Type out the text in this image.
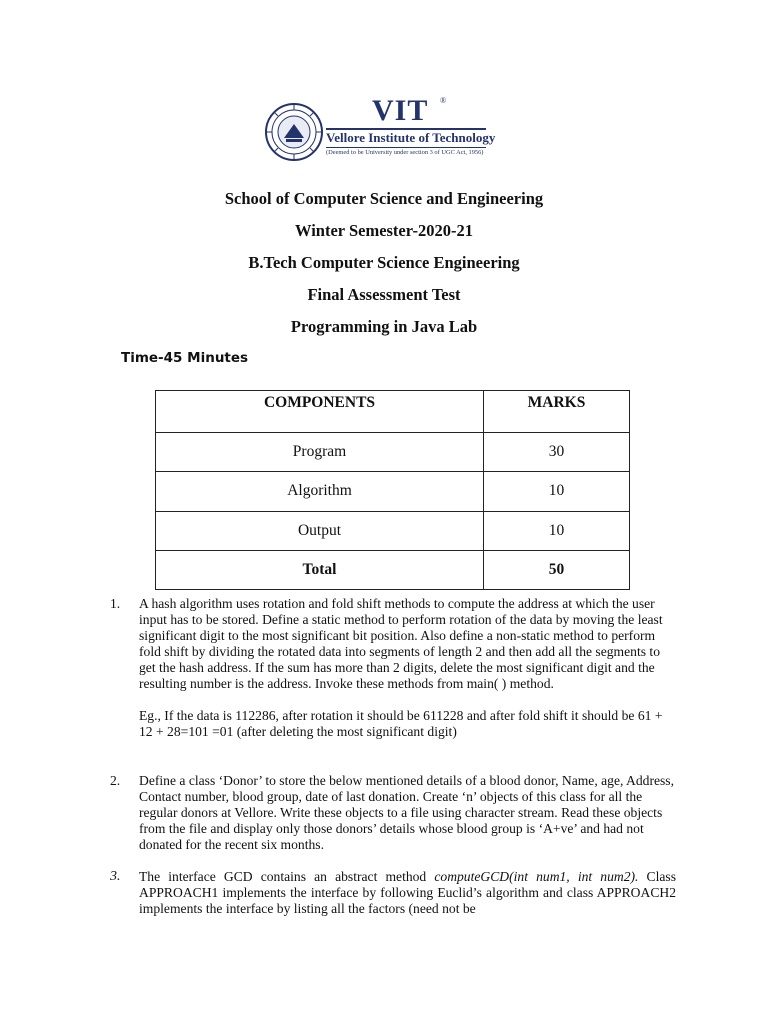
VIT ®
Vellore Institute of Technology
(Deemed to be University under section 3 of UGC Act, 1956)
School of Computer Science and Engineering
Winter Semester-2020-21
B.Tech Computer Science Engineering
Final Assessment Test
Programming in Java Lab
Time-45 Minutes
COMPONENTS	MARKS
Program	30
Algorithm	10
Output	10
Total	50
1. A hash algorithm uses rotation and fold shift methods to compute the address at which the user input has to be stored. Define a static method to perform rotation of the data by moving the least significant digit to the most significant bit position. Also define a non-static method to perform fold shift by dividing the rotated data into segments of length 2 and then add all the segments to get the hash address. If the sum has more than 2 digits, delete the most significant digit and the resulting number is the address. Invoke these methods from main( ) method.

Eg., If the data is 112286, after rotation it should be 611228 and after fold shift it should be 61 + 12 + 28=101 =01 (after deleting the most significant digit)

2. Define a class ‘Donor’ to store the below mentioned details of a blood donor, Name, age, Address, Contact number, blood group, date of last donation. Create ‘n’ objects of this class for all the regular donors at Vellore. Write these objects to a file using character stream. Read these objects from the file and display only those donors’ details whose blood group is ‘A+ve’ and had not donated for the recent six months.

3. The interface GCD contains an abstract method computeGCD(int num1, int num2). Class APPROACH1 implements the interface by following Euclid’s algorithm and class APPROACH2 implements the interface by listing all the factors (need not be
